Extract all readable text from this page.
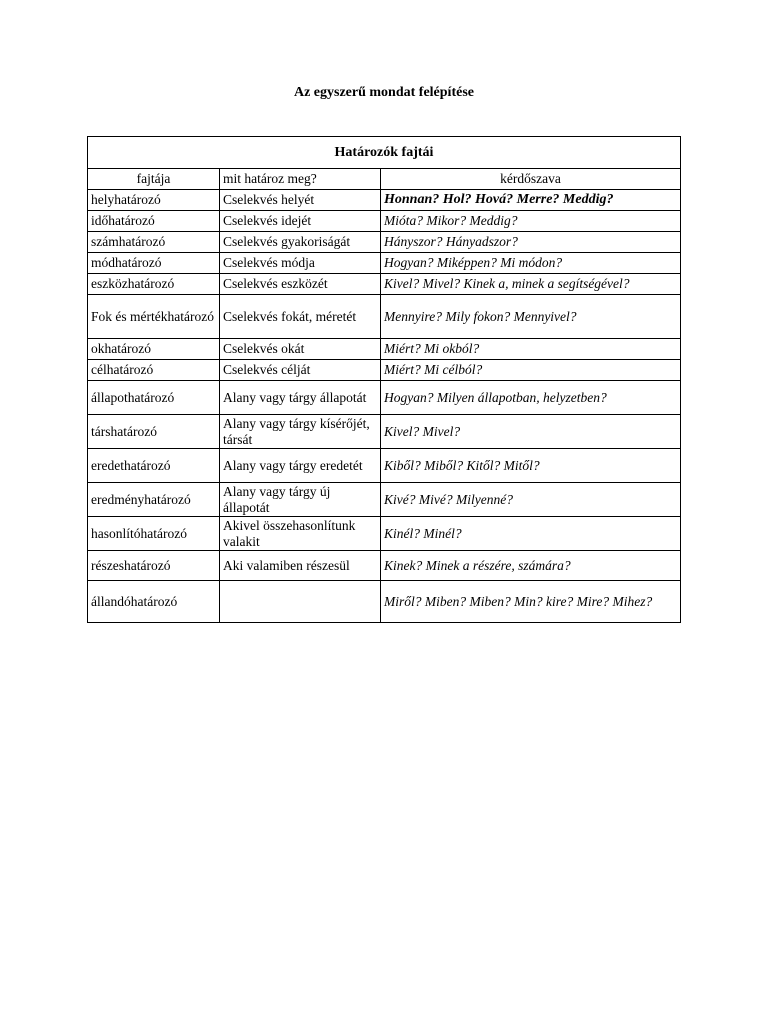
Az egyszerű mondat felépítése
Határozók fajtái		
fajtája	mit határoz meg?	kérdőszava
helyhatározó	Cselekvés helyét	Honnan? Hol? Hová? Merre? Meddig?
időhatározó	Cselekvés idejét	Mióta? Mikor? Meddig?
számhatározó	Cselekvés gyakoriságát	Hányszor? Hányadszor?
módhatározó	Cselekvés módja	Hogyan? Miképpen? Mi módon?
eszközhatározó	Cselekvés eszközét	Kivel? Mivel? Kinek a, minek a segítségével?
Fok és mértékhatározó	Cselekvés fokát, méretét	Mennyire? Mily fokon? Mennyivel?
okhatározó	Cselekvés okát	Miért? Mi okból?
célhatározó	Cselekvés célját	Miért? Mi célból?
állapothatározó	Alany vagy tárgy állapotát	Hogyan? Milyen állapotban, helyzetben?
társhatározó	Alany vagy tárgy kísérőjét, társát	Kivel? Mivel?
eredethatározó	Alany vagy tárgy eredetét	Kiből? Miből? Kitől? Mitől?
eredményhatározó	Alany vagy tárgy új állapotát	Kivé? Mivé? Milyenné?
hasonlítóhatározó	Akivel összehasonlítunk valakit	Kinél? Minél?
részeshatározó	Aki valamiben részesül	Kinek? Minek a részére, számára?
állandóhatározó		Miről? Miben? Miben? Min? kire? Mire? Mihez?
